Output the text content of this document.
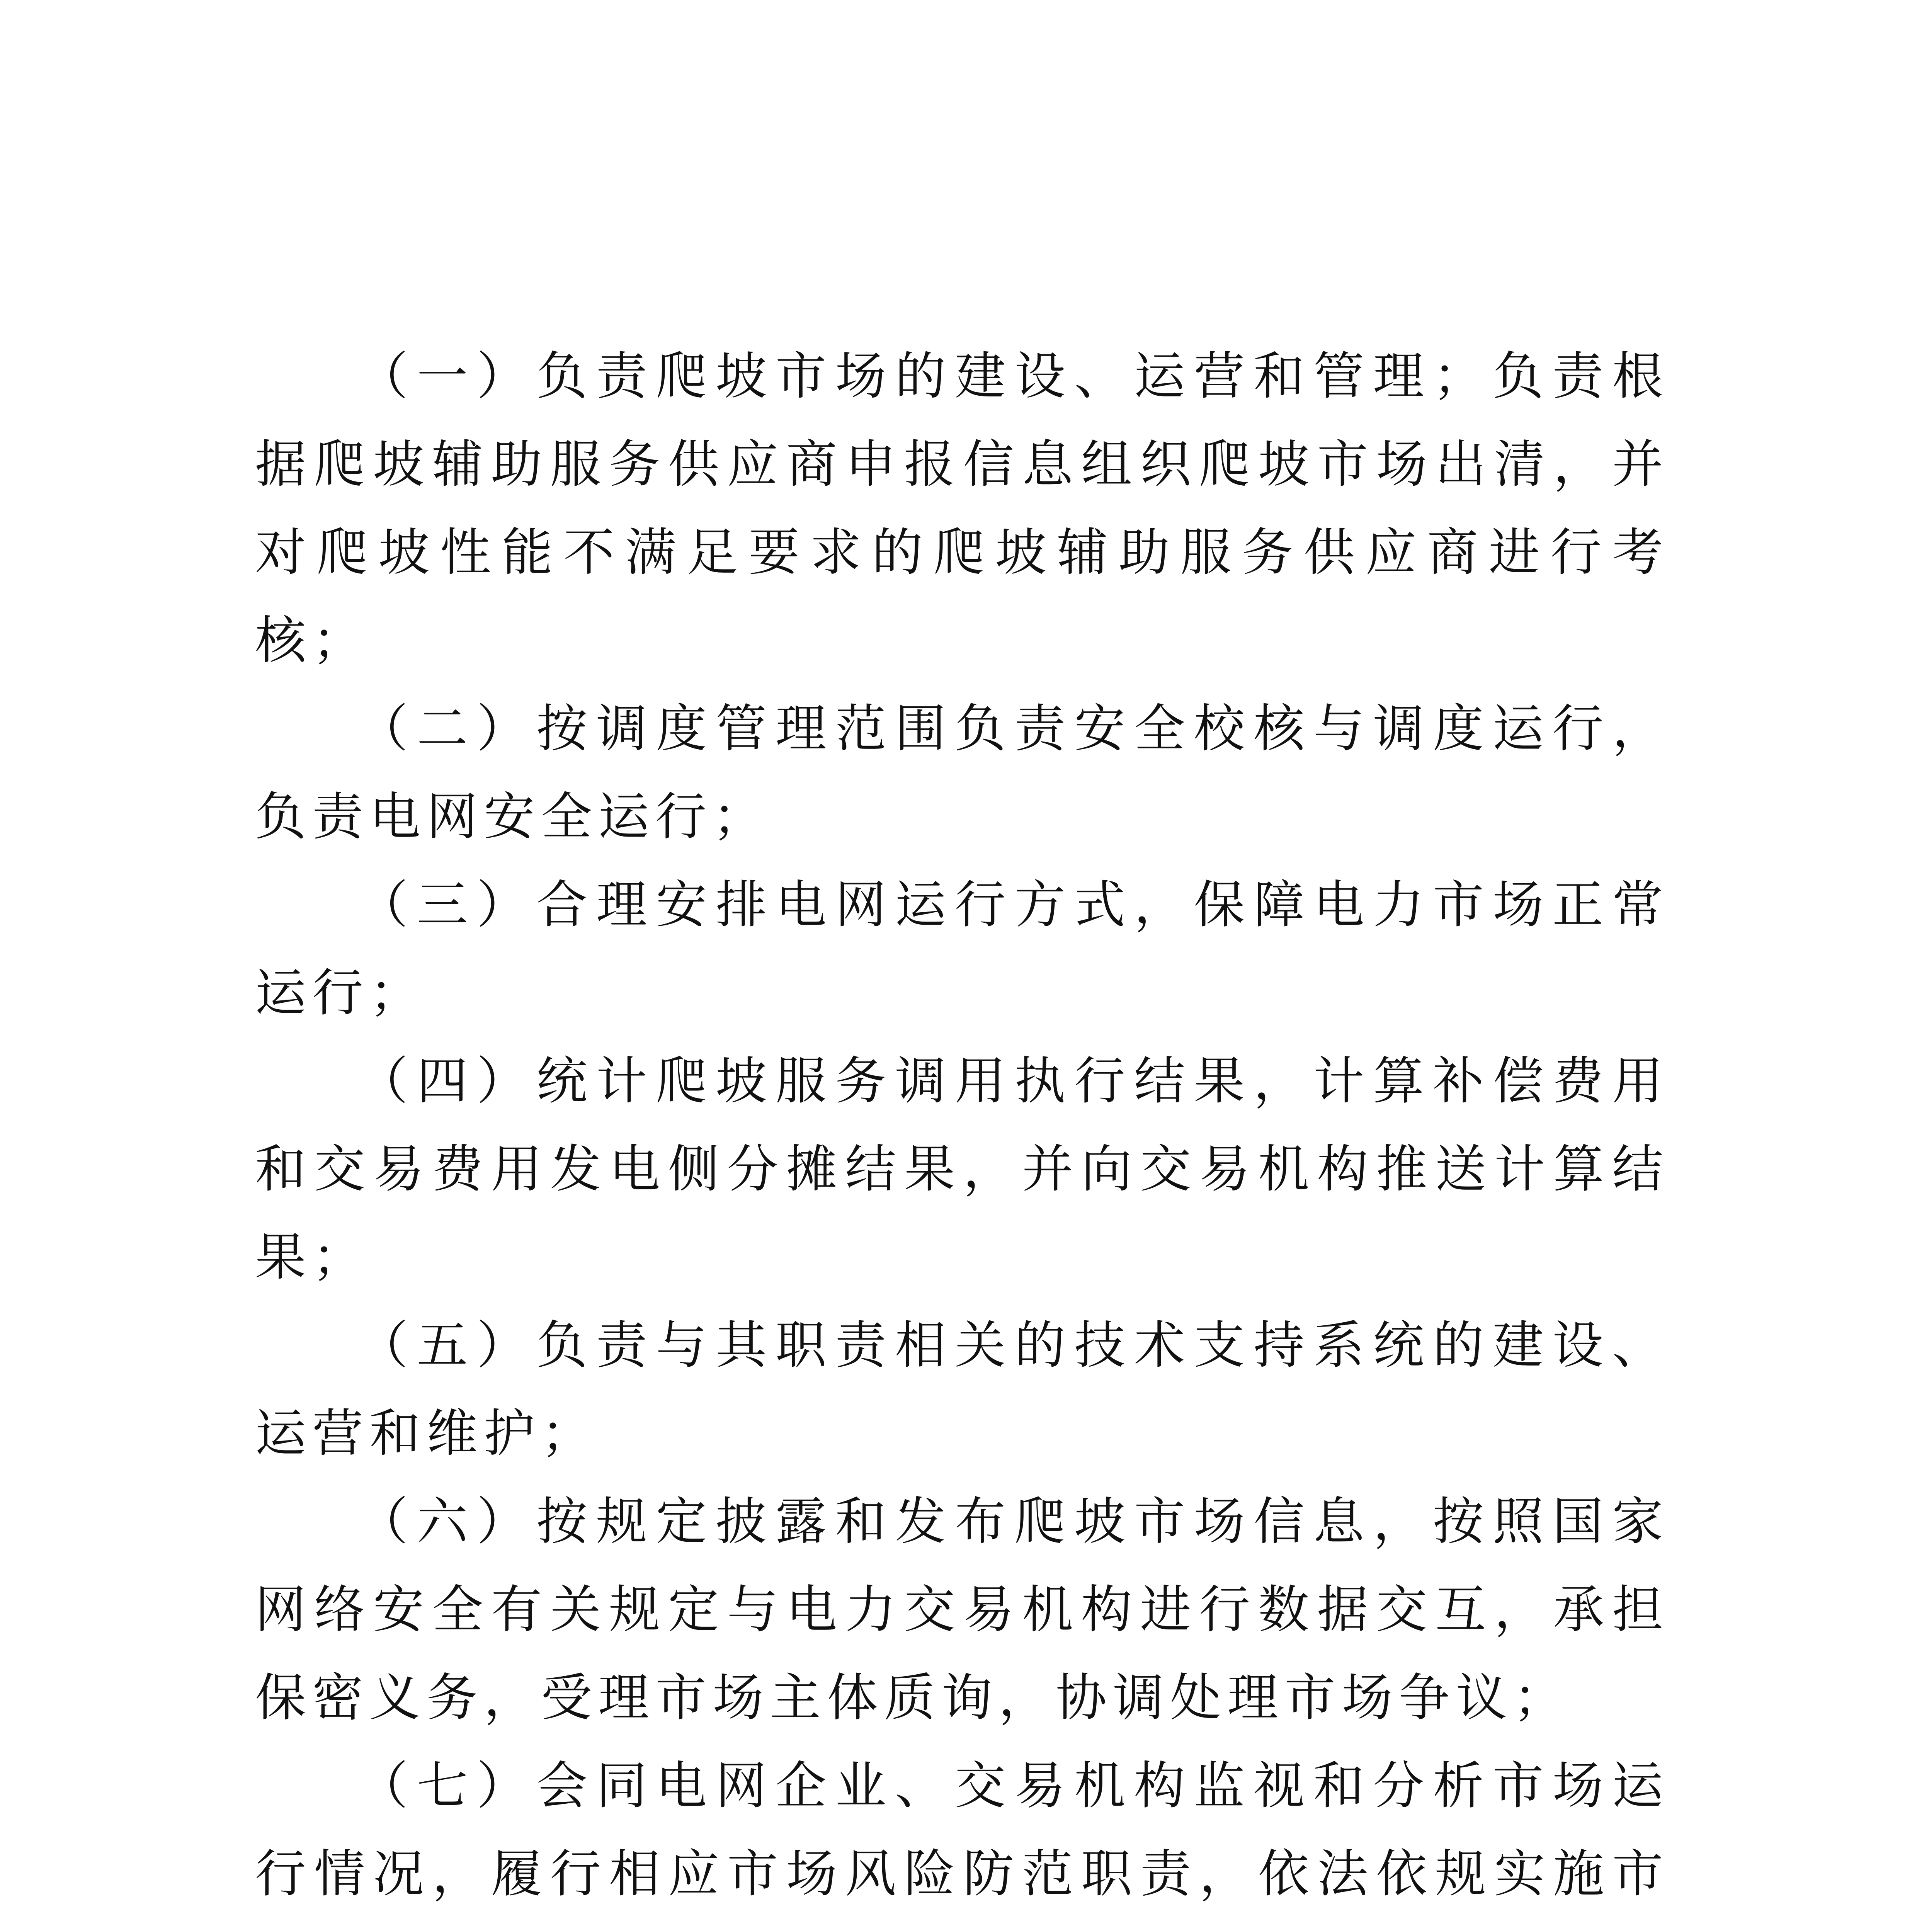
（一）负责爬坡市场的建设、运营和管理；负责根据爬坡辅助服务供应商申报信息组织爬坡市场出清，并对爬坡性能不满足要求的爬坡辅助服务供应商进行考核；

（二）按调度管理范围负责安全校核与调度运行，负责电网安全运行；

（三）合理安排电网运行方式，保障电力市场正常运行；

（四）统计爬坡服务调用执行结果，计算补偿费用和交易费用发电侧分摊结果，并向交易机构推送计算结果；

（五）负责与其职责相关的技术支持系统的建设、运营和维护；

（六）按规定披露和发布爬坡市场信息，按照国家网络安全有关规定与电力交易机构进行数据交互，承担保密义务，受理市场主体质询，协调处理市场争议；

（七）会同电网企业、交易机构监视和分析市场运行情况，履行相应市场风险防范职责，依法依规实施市
